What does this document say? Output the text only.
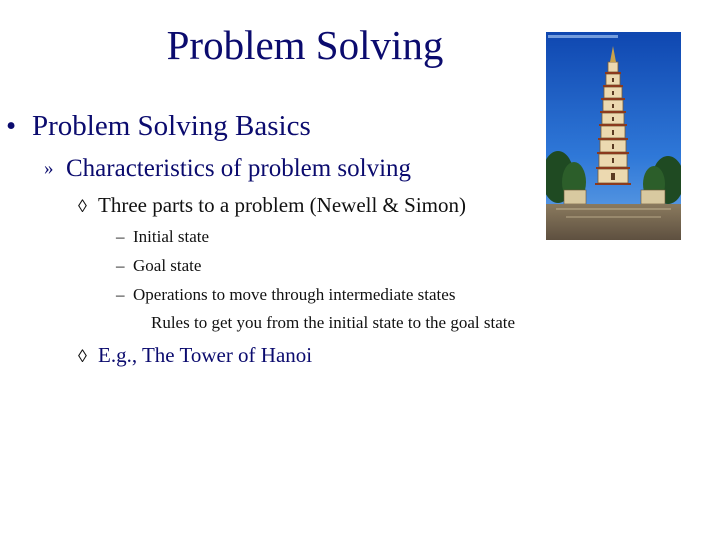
Problem Solving
• Problem Solving Basics
» Characteristics of problem solving
◊ Three parts to a problem (Newell & Simon)
– Initial state
– Goal state
– Operations to move through intermediate states
Rules to get you from the initial state to the goal state
◊ E.g., The Tower of Hanoi
